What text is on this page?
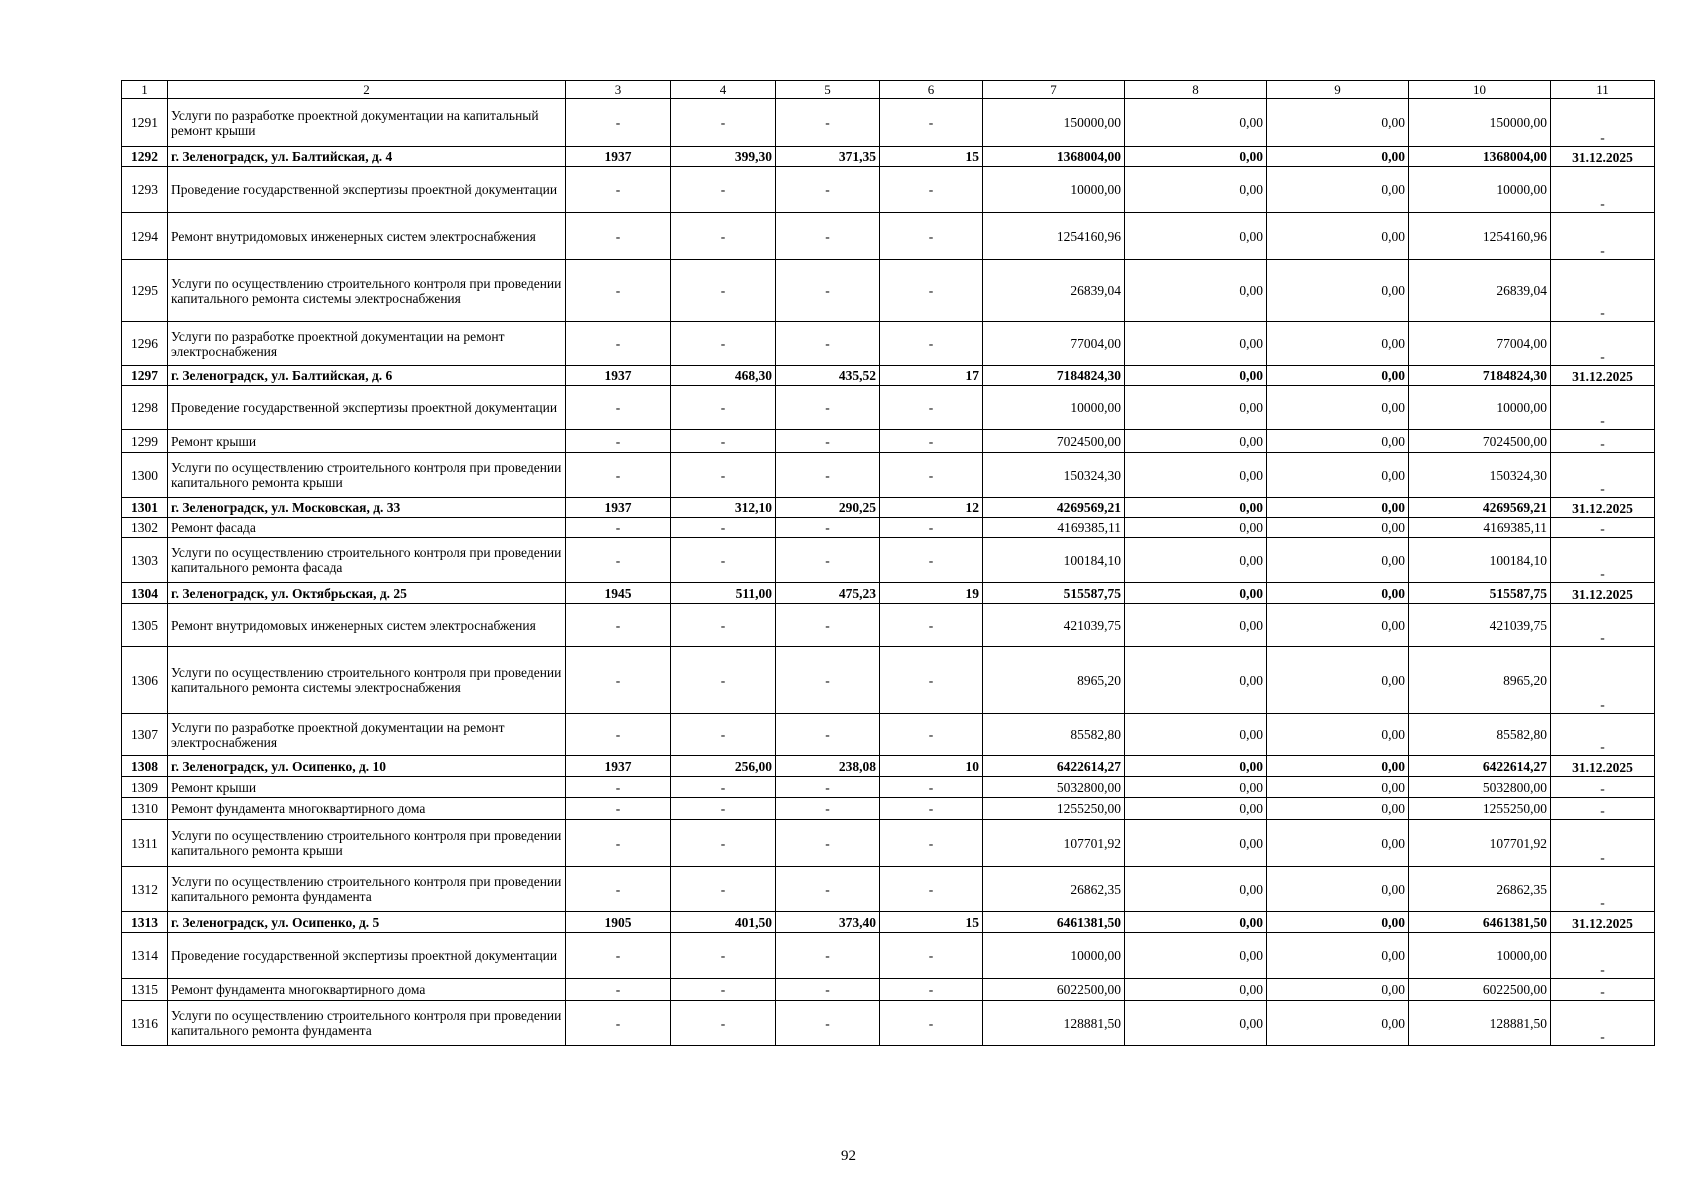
1	2	3	4	5	6	7	8	9	10	11
1291	Услуги по разработке проектной документации на капитальный ремонт крыши	-	-	-	-	150000,00	0,00	0,00	150000,00	-
1292	г. Зеленоградск, ул. Балтийская, д. 4	1937	399,30	371,35	15	1368004,00	0,00	0,00	1368004,00	31.12.2025
1293	Проведение государственной экспертизы проектной документации	-	-	-	-	10000,00	0,00	0,00	10000,00	-
1294	Ремонт внутридомовых инженерных систем электроснабжения	-	-	-	-	1254160,96	0,00	0,00	1254160,96	-
1295	Услуги по осуществлению строительного контроля при проведении капитального ремонта системы электроснабжения	-	-	-	-	26839,04	0,00	0,00	26839,04	-
1296	Услуги по разработке проектной документации на ремонт электроснабжения	-	-	-	-	77004,00	0,00	0,00	77004,00	-
1297	г. Зеленоградск, ул. Балтийская, д. 6	1937	468,30	435,52	17	7184824,30	0,00	0,00	7184824,30	31.12.2025
1298	Проведение государственной экспертизы проектной документации	-	-	-	-	10000,00	0,00	0,00	10000,00	-
1299	Ремонт крыши	-	-	-	-	7024500,00	0,00	0,00	7024500,00	-
1300	Услуги по осуществлению строительного контроля при проведении капитального ремонта крыши	-	-	-	-	150324,30	0,00	0,00	150324,30	-
1301	г. Зеленоградск, ул. Московская, д. 33	1937	312,10	290,25	12	4269569,21	0,00	0,00	4269569,21	31.12.2025
1302	Ремонт фасада	-	-	-	-	4169385,11	0,00	0,00	4169385,11	-
1303	Услуги по осуществлению строительного контроля при проведении капитального ремонта фасада	-	-	-	-	100184,10	0,00	0,00	100184,10	-
1304	г. Зеленоградск, ул. Октябрьская, д. 25	1945	511,00	475,23	19	515587,75	0,00	0,00	515587,75	31.12.2025
1305	Ремонт внутридомовых инженерных систем электроснабжения	-	-	-	-	421039,75	0,00	0,00	421039,75	-
1306	Услуги по осуществлению строительного контроля при проведении капитального ремонта системы электроснабжения	-	-	-	-	8965,20	0,00	0,00	8965,20	-
1307	Услуги по разработке проектной документации на ремонт электроснабжения	-	-	-	-	85582,80	0,00	0,00	85582,80	-
1308	г. Зеленоградск, ул. Осипенко, д. 10	1937	256,00	238,08	10	6422614,27	0,00	0,00	6422614,27	31.12.2025
1309	Ремонт крыши	-	-	-	-	5032800,00	0,00	0,00	5032800,00	-
1310	Ремонт фундамента многоквартирного дома	-	-	-	-	1255250,00	0,00	0,00	1255250,00	-
1311	Услуги по осуществлению строительного контроля при проведении капитального ремонта крыши	-	-	-	-	107701,92	0,00	0,00	107701,92	-
1312	Услуги по осуществлению строительного контроля при проведении капитального ремонта фундамента	-	-	-	-	26862,35	0,00	0,00	26862,35	-
1313	г. Зеленоградск, ул. Осипенко, д. 5	1905	401,50	373,40	15	6461381,50	0,00	0,00	6461381,50	31.12.2025
1314	Проведение государственной экспертизы проектной документации	-	-	-	-	10000,00	0,00	0,00	10000,00	-
1315	Ремонт фундамента многоквартирного дома	-	-	-	-	6022500,00	0,00	0,00	6022500,00	-
1316	Услуги по осуществлению строительного контроля при проведении капитального ремонта фундамента	-	-	-	-	128881,50	0,00	0,00	128881,50	-
92
